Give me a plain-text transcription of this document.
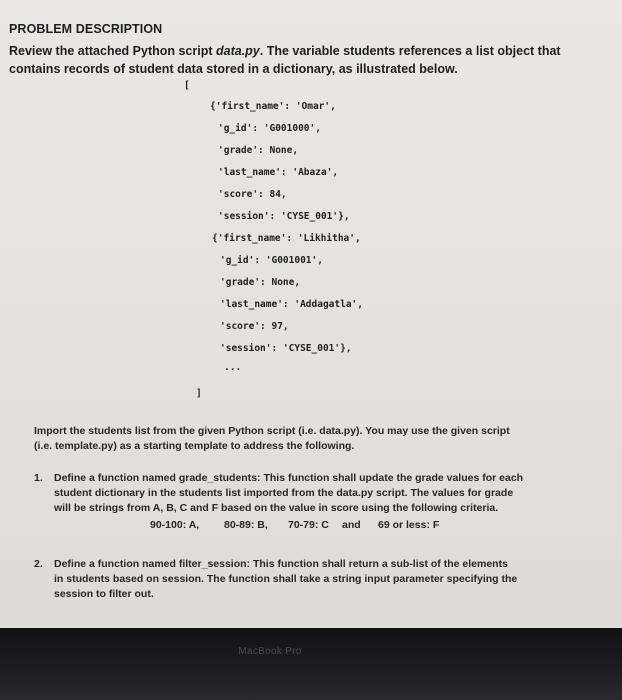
PROBLEM DESCRIPTION
Review the attached Python script data.py. The variable students references a list object that
contains records of student data stored in a dictionary, as illustrated below.
[
{'first_name': 'Omar',
'g_id': 'G001000',
'grade': None,
'last_name': 'Abaza',
'score': 84,
'session': 'CYSE_001'},
{'first_name': 'Likhitha',
'g_id': 'G001001',
'grade': None,
'last_name': 'Addagatla',
'score': 97,
'session': 'CYSE_001'},
...
]
Import the students list from the given Python script (i.e. data.py). You may use the given script
(i.e. template.py) as a starting template to address the following.
1. Define a function named grade_students: This function shall update the grade values for each
student dictionary in the students list imported from the data.py script. The values for grade
will be strings from A, B, C and F based on the value in score using the following criteria.
90-100: A, 80-89: B, 70-79: C and 69 or less: F
2. Define a function named filter_session: This function shall return a sub-list of the elements
in students based on session. The function shall take a string input parameter specifying the
session to filter out.
MacBook Pro
